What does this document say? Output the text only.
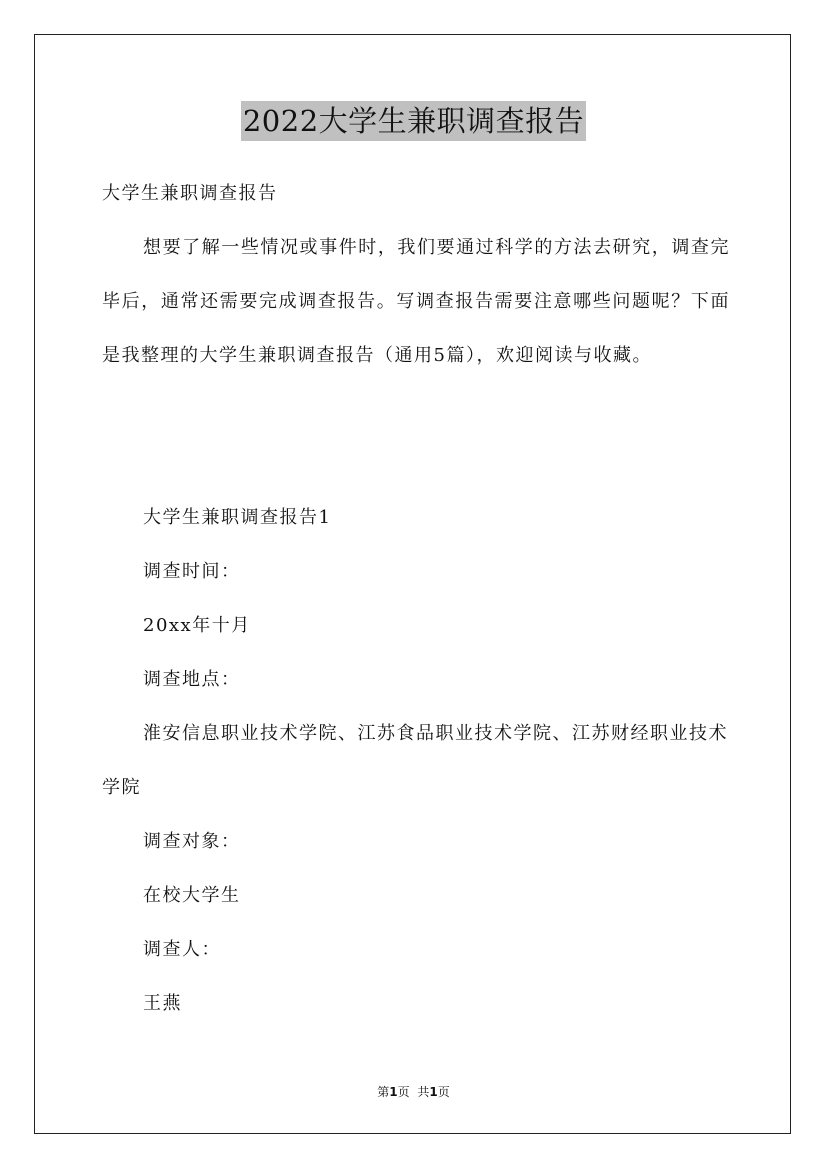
2022大学生兼职调查报告
大学生兼职调查报告
想要了解一些情况或事件时，我们要通过科学的方法去研究，调查完毕后，通常还需要完成调查报告。写调查报告需要注意哪些问题呢？下面是我整理的大学生兼职调查报告（通用5篇），欢迎阅读与收藏。
大学生兼职调查报告1
调查时间：
20xx年十月
调查地点：
淮安信息职业技术学院、江苏食品职业技术学院、江苏财经职业技术学院
调查对象：
在校大学生
调查人：
王燕
第1页 共1页
